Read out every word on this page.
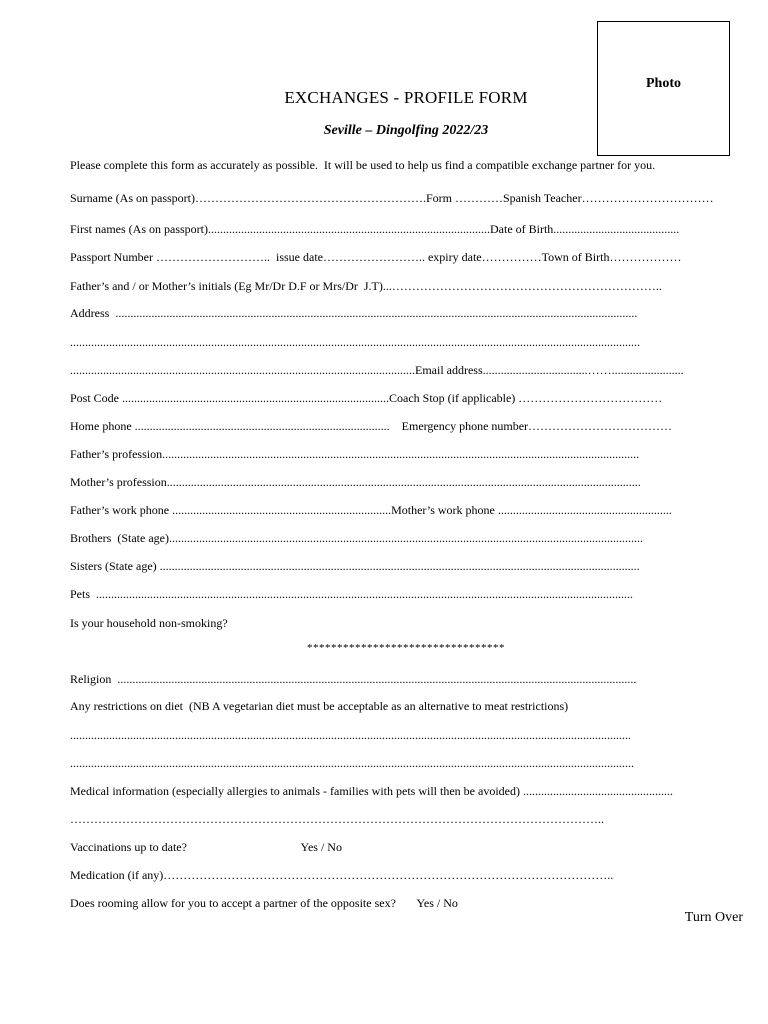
Photo
EXCHANGES - PROFILE FORM
Seville – Dingolfing 2022/23
Please complete this form as accurately as possible.  It will be used to help us find a compatible exchange partner for you.
Surname (As on passport)………………………………………………….Form …………Spanish Teacher……………………………
First names (As on passport)..............................................................................................Date of Birth..........................................
Passport Number ………………………..  issue date…………………….. expiry date……………Town of Birth………………
Father’s and / or Mother’s initials (Eg Mr/Dr D.F or Mrs/Dr  J.T)...…………………………………………………………..
Address  ..............................................................................................................................................................................
..............................................................................................................................................................................................
...................................................................................................................Email address...................................……........................
Post Code .........................................................................................Coach Stop (if applicable) ………………………………
Home phone .....................................................................................    Emergency phone number………………………………
Father’s profession...............................................................................................................................................................
Mother’s profession..............................................................................................................................................................
Father’s work phone .........................................................................Mother’s work phone ..........................................................
Brothers  (State age)..............................................................................................................................................................
Sisters (State age) ................................................................................................................................................................
Pets  ...................................................................................................................................................................................
Is your household non-smoking?
*********************************
Religion  .............................................................................................................................................................................
Any restrictions on diet  (NB A vegetarian diet must be acceptable as an alternative to meat restrictions)
...........................................................................................................................................................................................
............................................................................................................................................................................................
Medical information (especially allergies to animals - families with pets will then be avoided) ..................................................
……………………………………………………………………………………………………………………..
Vaccinations up to date?                                      Yes / No
Medication (if any)…………………………………………………………………………………………………..
Does rooming allow for you to accept a partner of the opposite sex?       Yes / No
Turn Over
